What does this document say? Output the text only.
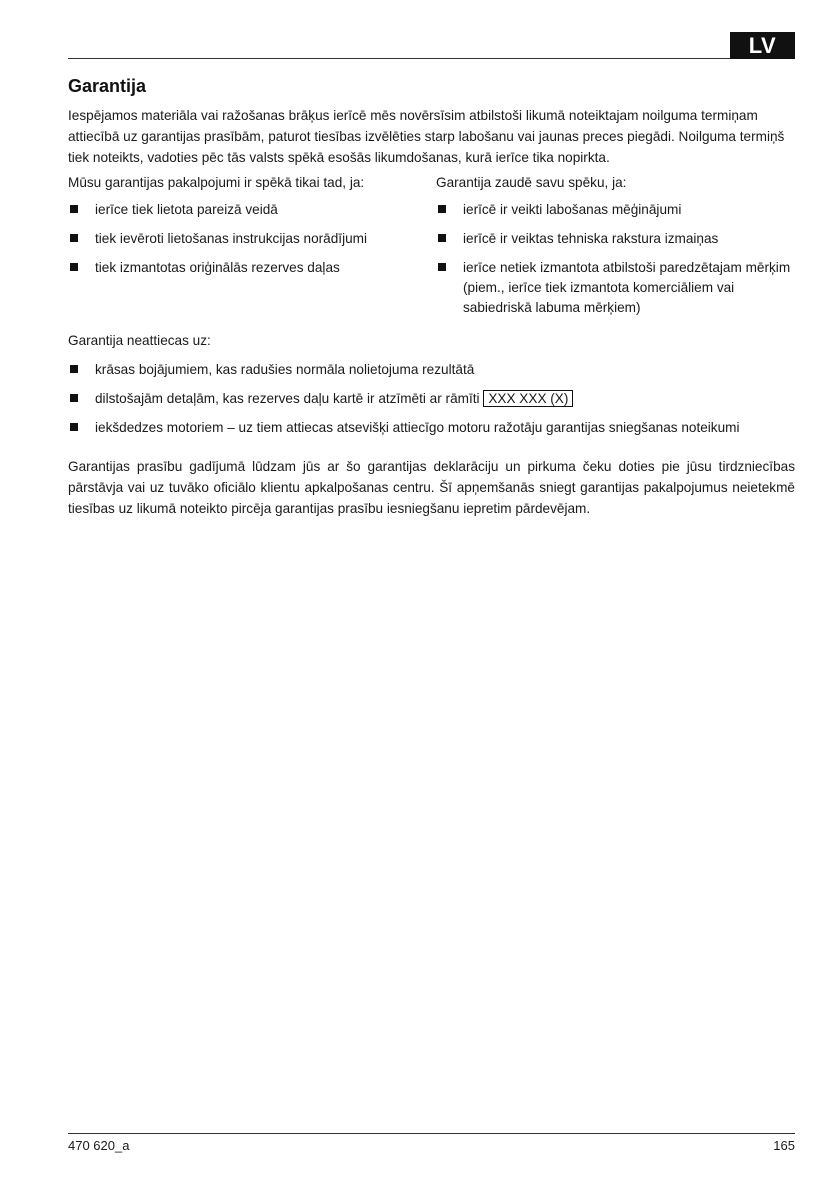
LV
Garantija

Iespējamos materiāla vai ražošanas brāķus ierīcē mēs novērsīsim atbilstoši likumā noteiktajam noilguma termiņam attiecībā uz garantijas prasībām, paturot tiesības izvēlēties starp labošanu vai jaunas preces piegādi. Noilguma termiņš tiek noteikts, vadoties pēc tās valsts spēkā esošās likumdošanas, kurā ierīce tika nopirkta.

Mūsu garantijas pakalpojumi ir spēkā tikai tad, ja:
ierīce tiek lietota pareizā veidā
tiek ievēroti lietošanas instrukcijas norādījumi
tiek izmantotas oriģinālās rezerves daļas
Garantija zaudē savu spēku, ja:
ierīcē ir veikti labošanas mēģinājumi
ierīcē ir veiktas tehniska rakstura izmaiņas
ierīce netiek izmantota atbilstoši paredzētajam mērķim (piem., ierīce tiek izmantota komerciāliem vai sabiedriskā labuma mērķiem)
Garantija neattiecas uz:
krāsas bojājumiem, kas radušies normāla nolietojuma rezultātā
dilstošajām detaļām, kas rezerves daļu kartē ir atzīmēti ar rāmīti XXX XXX (X)
iekšdedzes motoriem – uz tiem attiecas atsevišķi attiecīgo motoru ražotāju garantijas sniegšanas noteikumi

Garantijas prasību gadījumā lūdzam jūs ar šo garantijas deklarāciju un pirkuma čeku doties pie jūsu tirdzniecības pārstāvja vai uz tuvāko oficiālo klientu apkalpošanas centru. Šī apņemšanās sniegt garantijas pakalpojumus neietekmē tiesības uz likumā noteikto pircēja garantijas prasību iesniegšanu iepretim pārdevējam.

470 620_a	165
